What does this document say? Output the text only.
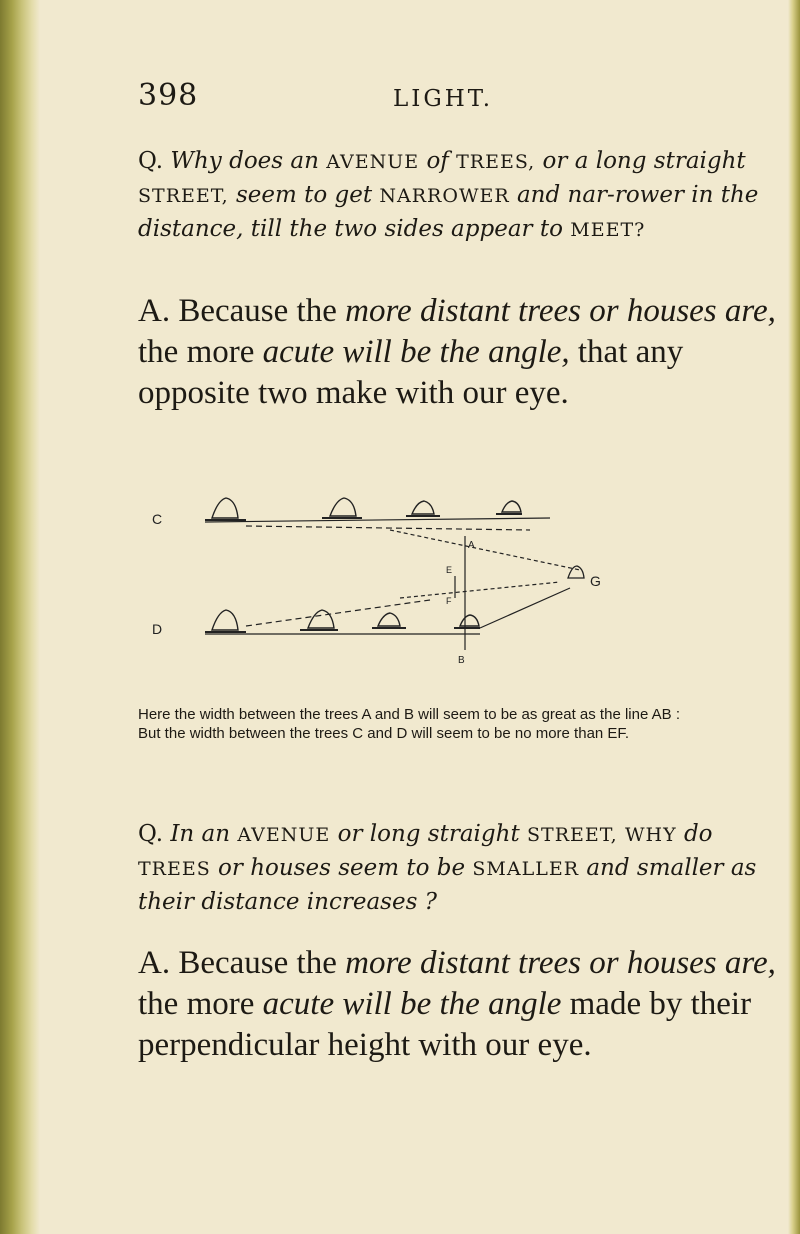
398	LIGHT.
Q. Why does an AVENUE of TREES, or a long straight STREET, seem to get NARROWER and nar-rower in the distance, till the two sides appear to MEET?
A. Because the more distant trees or houses are, the more acute will be the angle, that any opposite two make with our eye.
C
D
G
A
B
E
F

Here the width between the trees A and B will seem to be as great as the line AB :

But the width between the trees C and D will seem to be no more than EF.

Q. In an AVENUE or long straight STREET, WHY do TREES or houses seem to be SMALLER and smaller as their distance increases ?
A. Because the more distant trees or houses are, the more acute will be the angle made by their perpendicular height with our eye.
